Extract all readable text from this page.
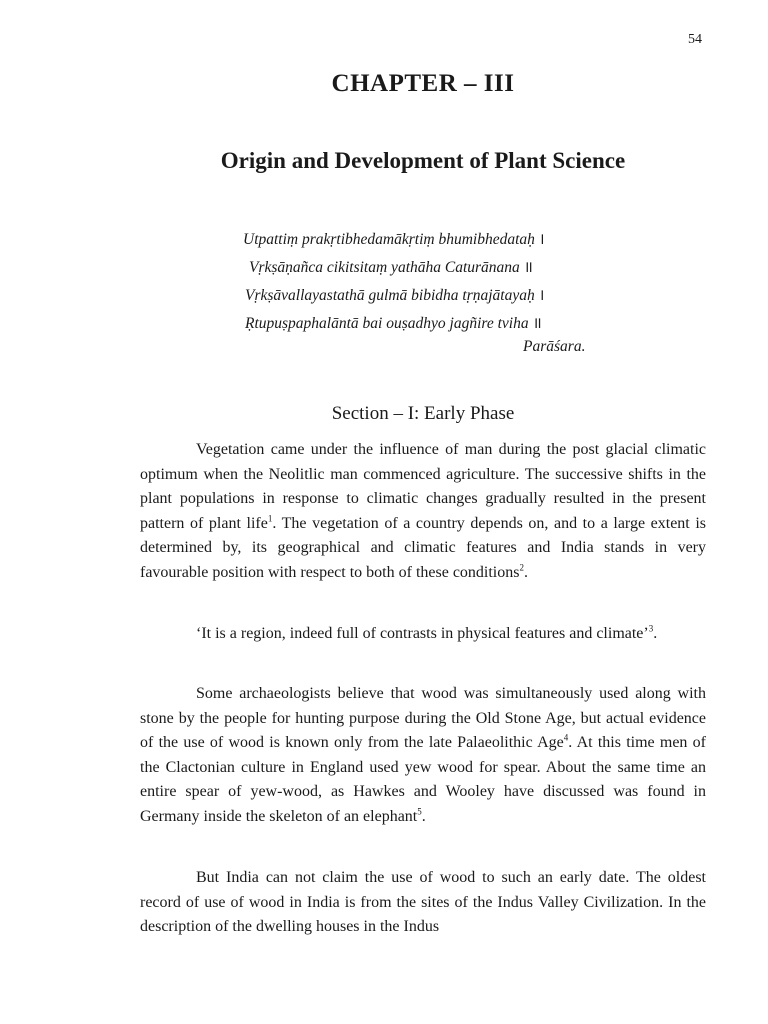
54
CHAPTER – III
Origin and Development of Plant Science
Utpattiṃ prakṛtibhedamākṛtiṃ bhumibhedataḥ ।
Vṛkṣāṇañca cikitsitaṃ yathāha Caturānana ॥
Vṛkṣāvallayastathā gulmā bibidha tṛṇajātayaḥ ।
Ṛtupuṣpaphalāntā bai ouṣadhyo jagñire tviha ॥
Parāśara.
Section – I: Early Phase

Vegetation came under the influence of man during the post glacial climatic optimum when the Neolitlic man commenced agriculture. The successive shifts in the plant populations in response to climatic changes gradually resulted in the present pattern of plant life$^1$. The vegetation of a country depends on, and to a large extent is determined by, its geographical and climatic features and India stands in very favourable position with respect to both of these conditions$^2$.

‘It is a region, indeed full of contrasts in physical features and climate’$^3$.

Some archaeologists believe that wood was simultaneously used along with stone by the people for hunting purpose during the Old Stone Age, but actual evidence of the use of wood is known only from the late Palaeolithic Age$^4$. At this time men of the Clactonian culture in England used yew wood for spear. About the same time an entire spear of yew-wood, as Hawkes and Wooley have discussed was found in Germany inside the skeleton of an elephant$^5$.

But India can not claim the use of wood to such an early date. The oldest record of use of wood in India is from the sites of the Indus Valley Civilization. In the description of the dwelling houses in the Indus
